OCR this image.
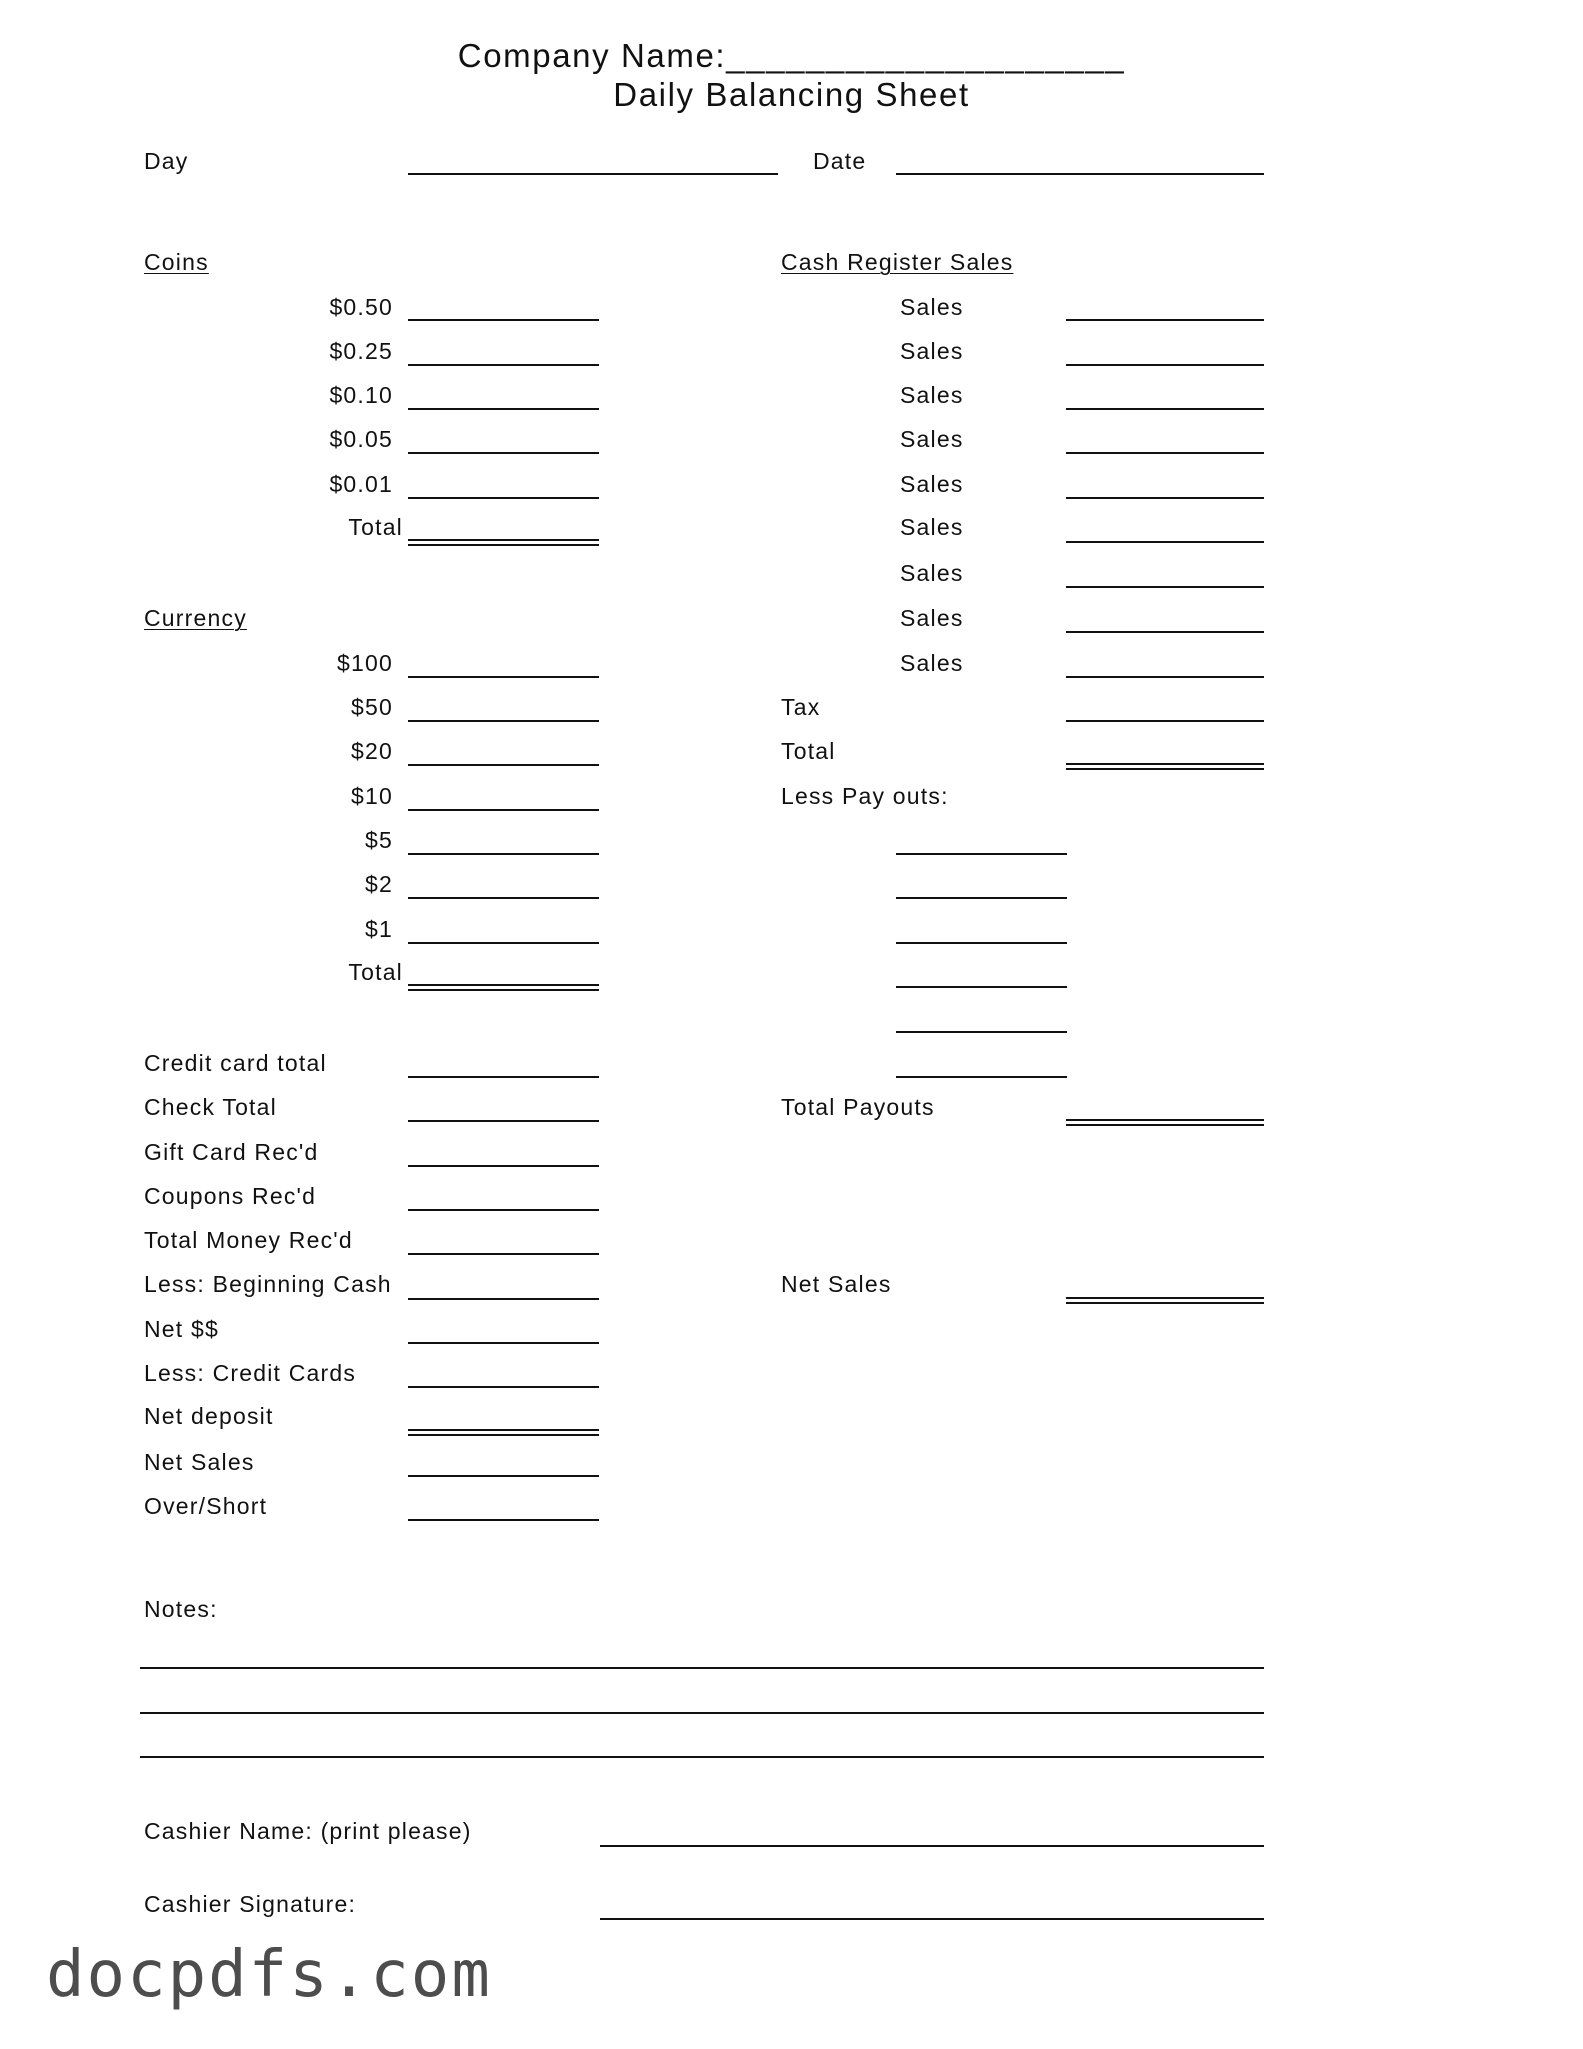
Company Name:____________________
Daily Balancing Sheet
Day	Date
Coins
$0.50
$0.25
$0.10
$0.05
$0.01
Total
Currency
$100
$50
$20
$10
$5
$2
$1
Total
Credit card total
Check Total
Gift Card Rec'd
Coupons Rec'd
Total Money Rec'd
Less: Beginning Cash
Net $$
Less: Credit Cards
Net deposit
Net Sales
Over/Short
Cash Register Sales
Sales
Sales
Sales
Sales
Sales
Sales
Sales
Sales
Sales
Tax
Total
Less Pay outs:
Total Payouts
Net Sales
Notes:
Cashier Name: (print please)
Cashier Signature:
docpdfs.com
